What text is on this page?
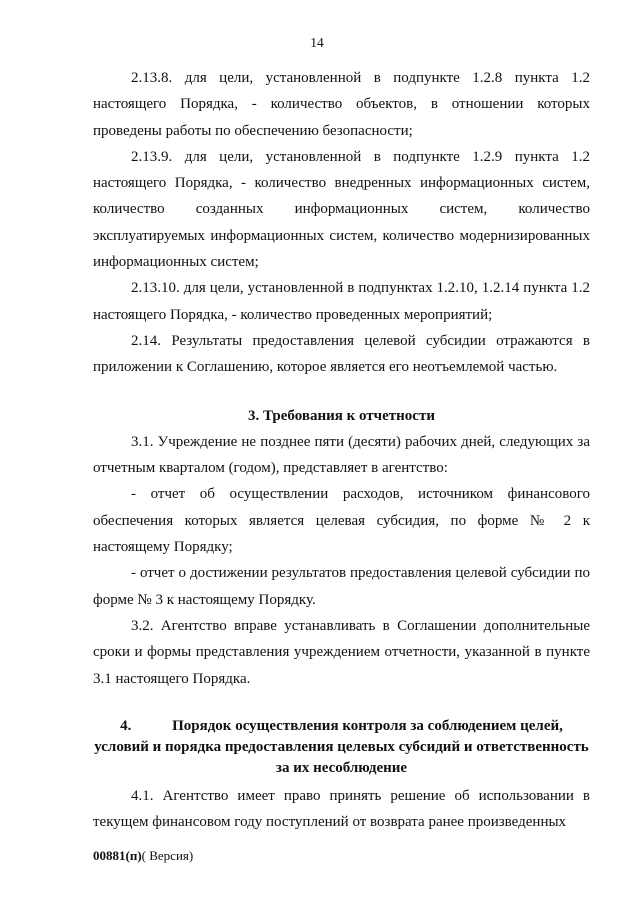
14

2.13.8. для цели, установленной в подпункте 1.2.8 пункта 1.2 настоящего Порядка, - количество объектов, в отношении которых проведены работы по обеспечению безопасности;

2.13.9. для цели, установленной в подпункте 1.2.9 пункта 1.2 настоящего Порядка, - количество внедренных информационных систем, количество созданных информационных систем, количество эксплуатируемых информационных систем, количество модернизированных информационных систем;

2.13.10. для цели, установленной в подпунктах 1.2.10, 1.2.14 пункта 1.2 настоящего Порядка, - количество проведенных мероприятий;

2.14. Результаты предоставления целевой субсидии отражаются в приложении к Соглашению, которое является его неотъемлемой частью.

3. Требования к отчетности

3.1. Учреждение не позднее пяти (десяти) рабочих дней, следующих за отчетным кварталом (годом), представляет в агентство:

- отчет об осуществлении расходов, источником финансового обеспечения которых является целевая субсидия, по форме № 2 к настоящему Порядку;

- отчет о достижении результатов предоставления целевой субсидии по форме № 3 к настоящему Порядку.

3.2. Агентство вправе устанавливать в Соглашении дополнительные сроки и формы представления учреждением отчетности, указанной в пункте 3.1 настоящего Порядка.

4.	Порядок осуществления контроля за соблюдением целей,
условий и порядка предоставления целевых субсидий и ответственность
за их несоблюдение

4.1. Агентство имеет право принять решение об использовании в текущем финансовом году поступлений от возврата ранее произведенных

00881(п)( Версия)
